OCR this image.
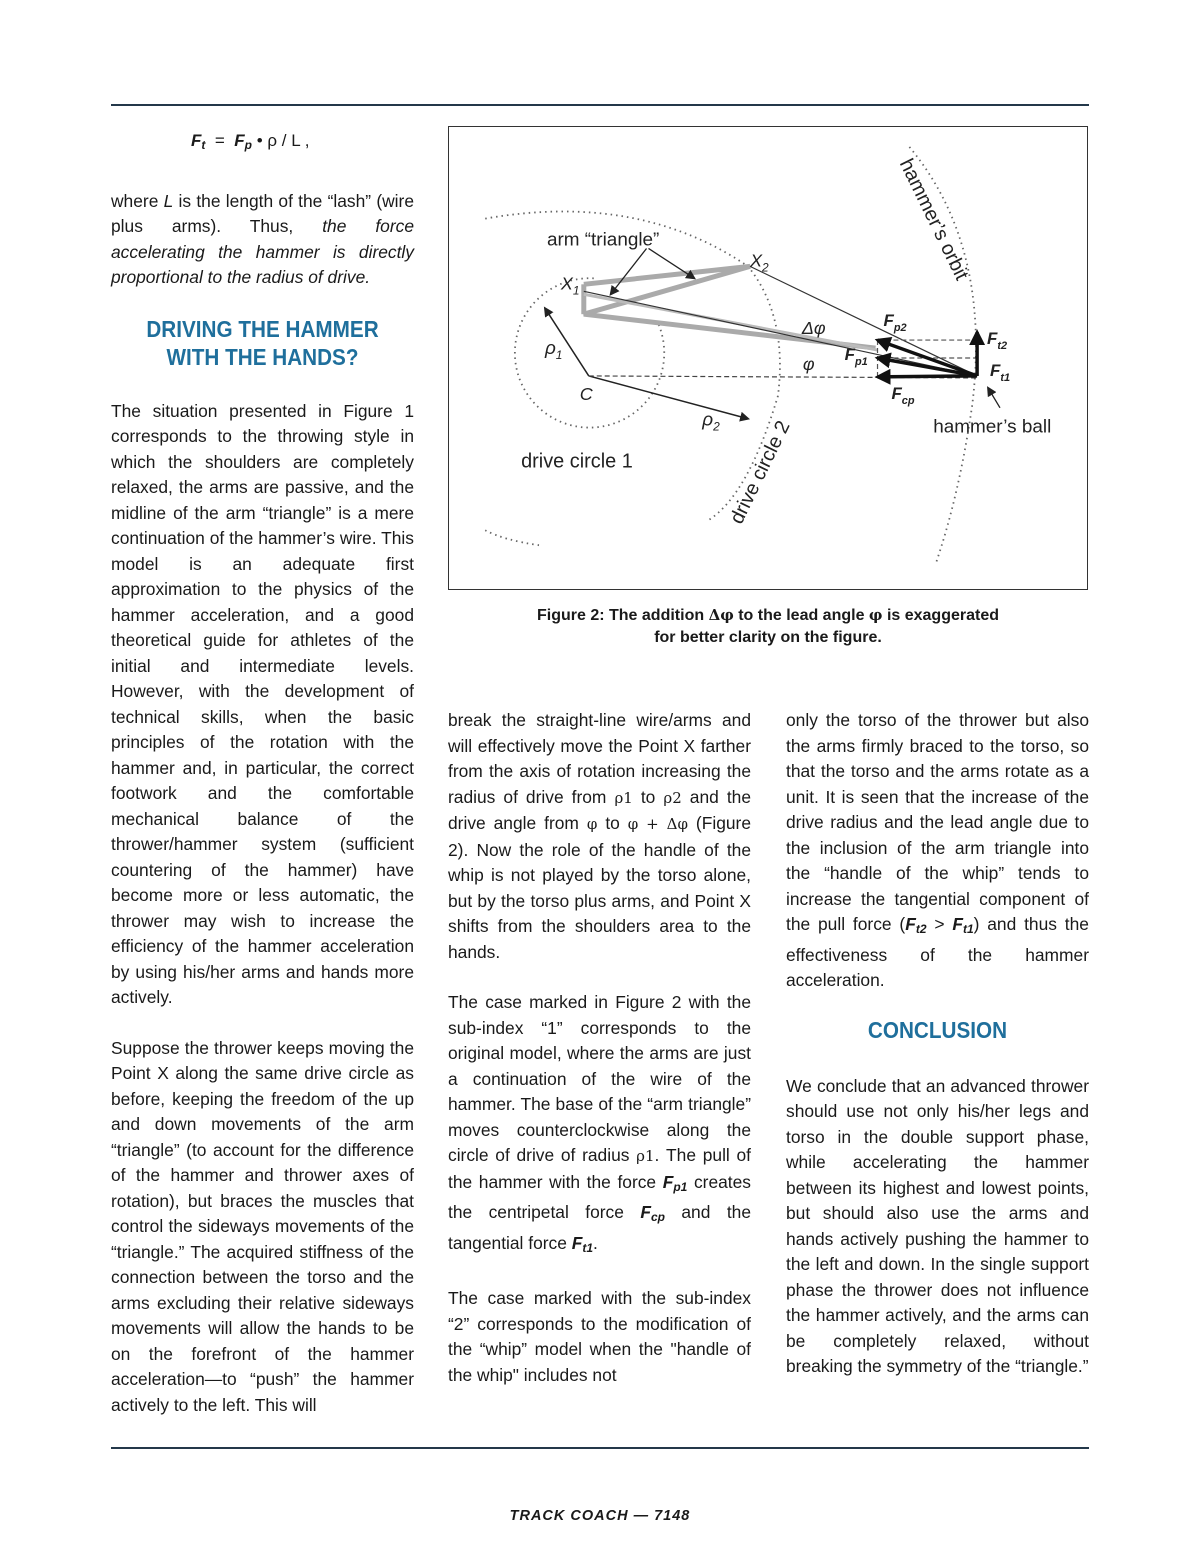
$F_t = F_p$ • ρ / L ,

where L is the length of the “lash” (wire plus arms). Thus, the force accelerating the hammer is directly proportional to the radius of drive.

DRIVING THE HAMMER WITH THE HANDS?

The situation presented in Figure 1 corresponds to the throwing style in which the shoulders are completely relaxed, the arms are passive, and the midline of the arm “triangle” is a mere continuation of the hammer’s wire. This model is an adequate first approximation to the physics of the hammer acceleration, and a good theoretical guide for athletes of the initial and intermediate levels. However, with the development of technical skills, when the basic principles of the rotation with the hammer and, in particular, the correct footwork and the comfortable mechanical balance of the thrower/hammer system (sufficient countering of the hammer) have become more or less automatic, the thrower may wish to increase the efficiency of the hammer acceleration by using his/her arms and hands more actively.

Suppose the thrower keeps moving the Point X along the same drive circle as before, keeping the freedom of the up and down movements of the arm “triangle” (to account for the difference of the hammer and thrower axes of rotation), but braces the muscles that control the sideways movements of the “triangle.” The acquired stiffness of the connection between the torso and the arms excluding their relative sideways movements will allow the hands to be on the forefront of the hammer acceleration—to “push” the hammer actively to the left. This will

arm “triangle”
$X_1$
$X_2$
$\rho_1$
$\rho_2$
C
Δφ
φ
$F_{p2}$
$F_{p1}$
$F_{t2}$
$F_{t1}$
$F_{cp}$
hammer’s ball
drive circle 1	drive circle 2
hammer’s orbit
Figure 2: The addition Δφ to the lead angle φ is exaggerated
for better clarity on the figure.

break the straight-line wire/arms and will effectively move the Point X farther from the axis of rotation increasing the radius of drive from ρ1 to ρ2 and the drive angle from φ to φ + Δφ (Figure 2). Now the role of the handle of the whip is not played by the torso alone, but by the torso plus arms, and Point X shifts from the shoulders area to the hands.

The case marked in Figure 2 with the sub-index “1” corresponds to the original model, where the arms are just a continuation of the wire of the hammer. The base of the “arm triangle” moves counterclockwise along the circle of drive of radius ρ1. The pull of the hammer with the force $F_{p1}$ creates the centripetal force $F_{cp}$ and the tangential force $F_{t1}$.

The case marked with the sub-index “2” corresponds to the modification of the “whip” model when the "handle of the whip" includes not

only the torso of the thrower but also the arms firmly braced to the torso, so that the torso and the arms rotate as a unit. It is seen that the increase of the drive radius and the lead angle due to the inclusion of the arm triangle into the “handle of the whip” tends to increase the tangential component of the pull force $(F_{t2} > F_{t1})$ and thus the effectiveness of the hammer acceleration.

CONCLUSION

We conclude that an advanced thrower should use not only his/her legs and torso in the double support phase, while accelerating the hammer between its highest and lowest points, but should also use the arms and hands actively pushing the hammer to the left and down. In the single support phase the thrower does not influence the hammer actively, and the arms can be completely relaxed, without breaking the symmetry of the “triangle.”

TRACK COACH — 7148
